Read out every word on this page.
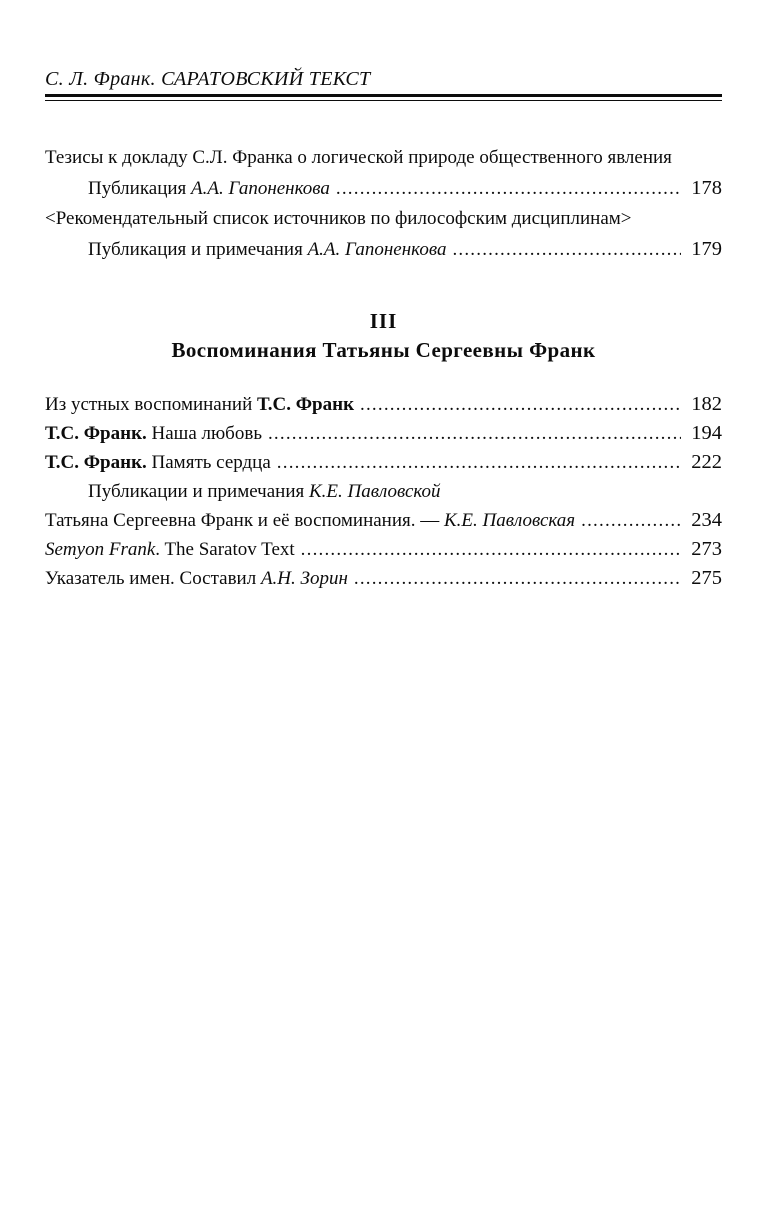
С. Л. Франк. САРАТОВСКИЙ ТЕКСТ
Тезисы к докладу С.Л. Франка о логической природе общественного явления
Публикация А.А. Гапоненкова .....	178
<Рекомендательный список источников по философским дисциплинам>
Публикация и примечания А.А. Гапоненкова .....	179
III
Воспоминания Татьяны Сергеевны Франк
Из устных воспоминаний Т.С. Франк .....	182
Т.С. Франк. Наша любовь .....	194
Т.С. Франк. Память сердца .....	222
Публикации и примечания К.Е. Павловской
Татьяна Сергеевна Франк и её воспоминания. — К.Е. Павловская .....	234
Semyon Frank. The Saratov Text .....	273
Указатель имен. Составил А.Н. Зорин .....	275
